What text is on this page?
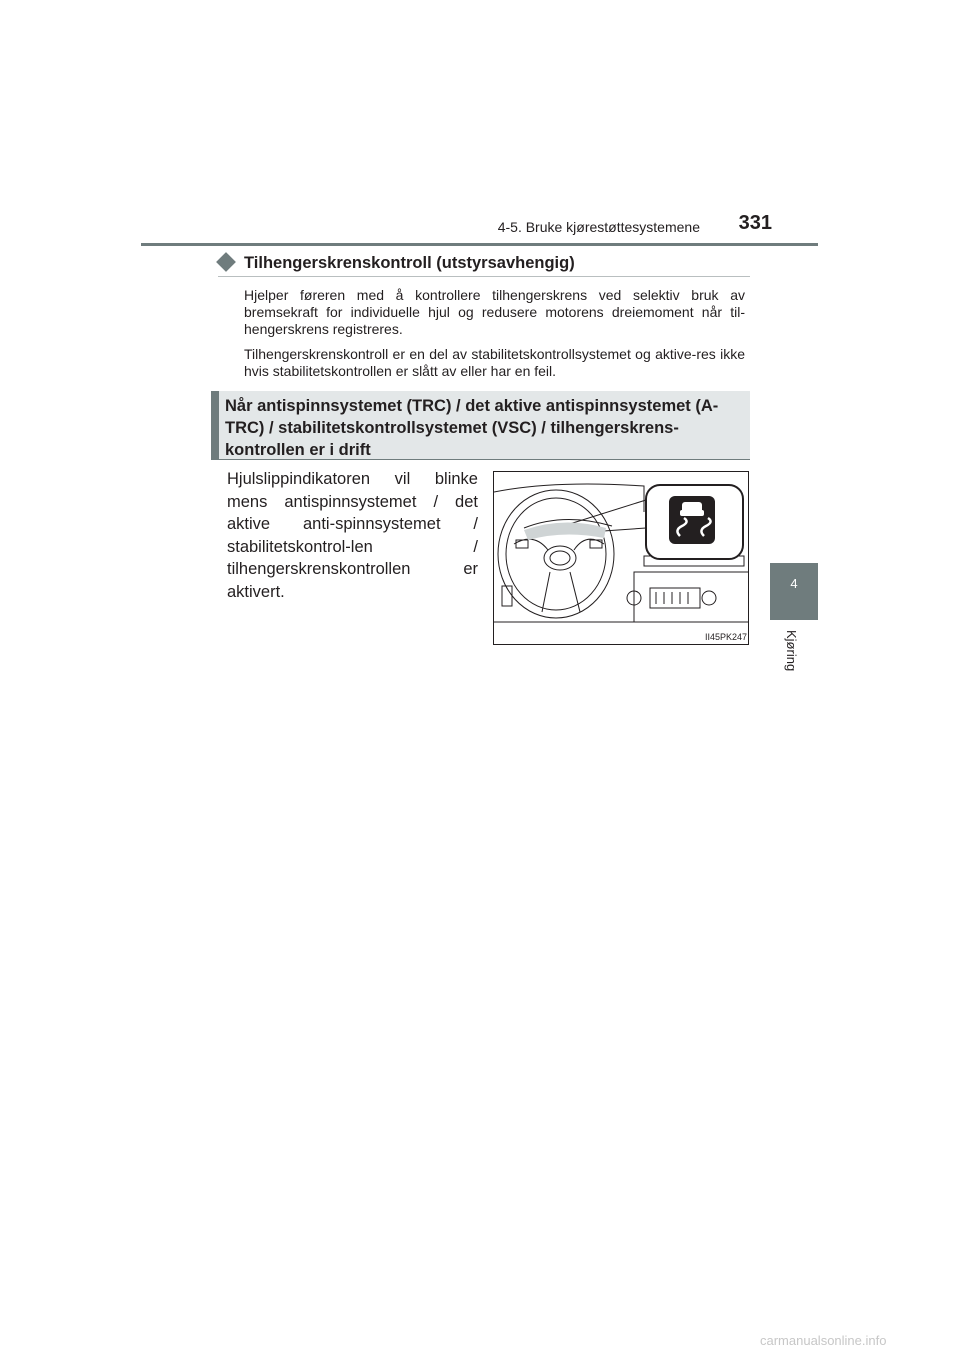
4-5. Bruke kjørestøttesystemene	331
4
Kjøring
Tilhengerskrenskontroll (utstyrsavhengig)
Hjelper føreren med å kontrollere tilhengerskrens ved selektiv bruk av bremsekraft for individuelle hjul og redusere motorens dreiemoment når til-hengerskrens registreres.
Tilhengerskrenskontroll er en del av stabilitetskontrollsystemet og aktive-res ikke hvis stabilitetskontrollen er slått av eller har en feil.
Når antispinnsystemet (TRC) / det aktive antispinnsystemet (A-TRC) / stabilitetskontrollsystemet (VSC) / tilhengerskrens-kontrollen er i drift
Hjulslippindikatoren vil blinke mens antispinnsystemet / det aktive anti-spinnsystemet / stabilitetskontrol-len / tilhengerskrenskontrollen er aktivert.
II45PK247
carmanualsonline.info
